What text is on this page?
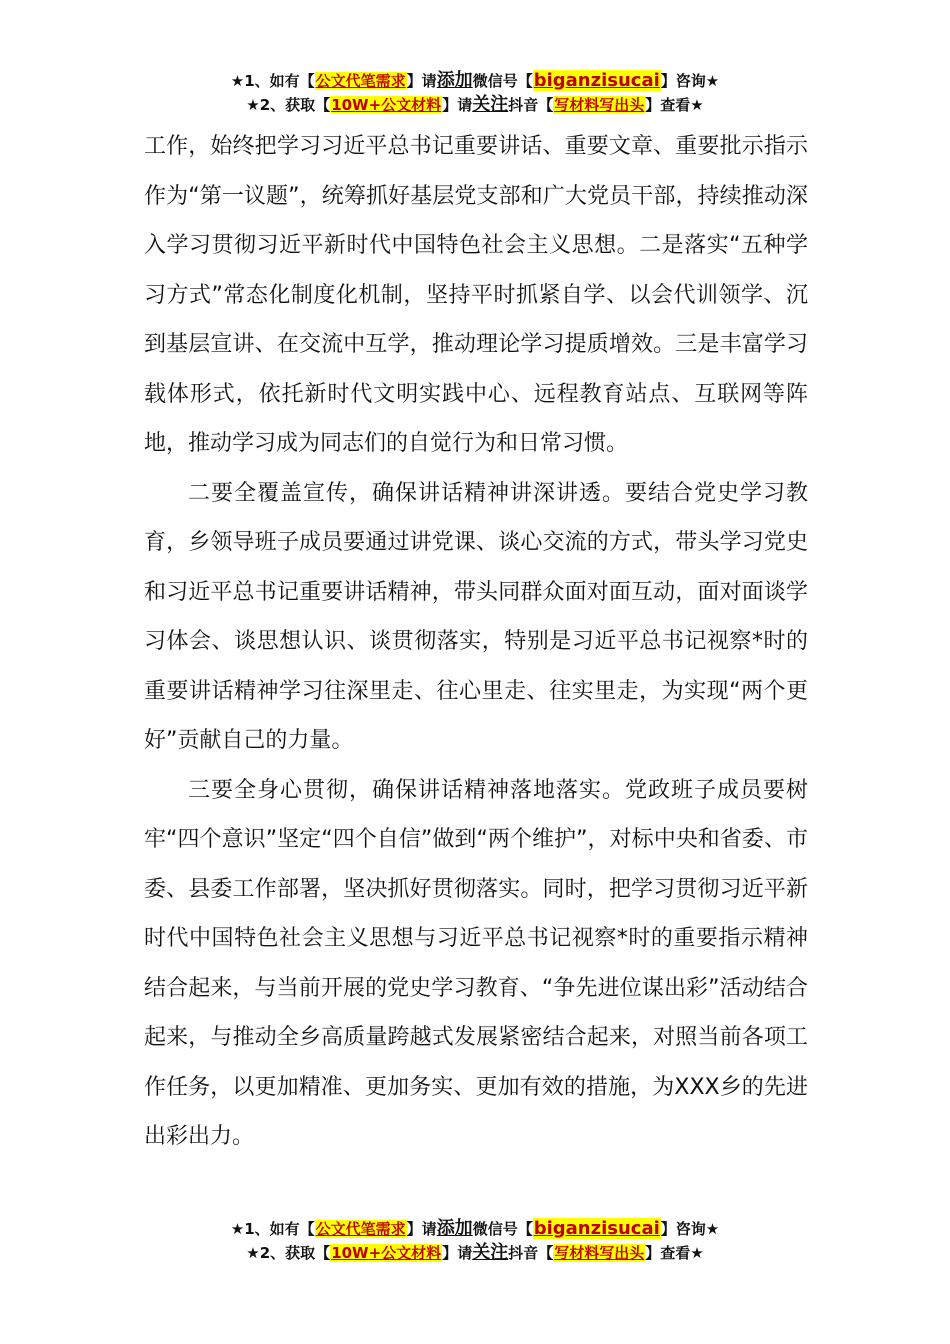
★1、如有【公文代笔需求】请添加微信号【biganzisucai】咨询★
★2、获取【10W+公文材料】请关注抖音【写材料写出头】查看★

工作，始终把学习习近平总书记重要讲话、重要文章、重要批示指示作为“第一议题”，统筹抓好基层党支部和广大党员干部，持续推动深入学习贯彻习近平新时代中国特色社会主义思想。二是落实“五种学习方式”常态化制度化机制，坚持平时抓紧自学、以会代训领学、沉到基层宣讲、在交流中互学，推动理论学习提质增效。三是丰富学习载体形式，依托新时代文明实践中心、远程教育站点、互联网等阵地，推动学习成为同志们的自觉行为和日常习惯。

二要全覆盖宣传，确保讲话精神讲深讲透。要结合党史学习教育，乡领导班子成员要通过讲党课、谈心交流的方式，带头学习党史和习近平总书记重要讲话精神，带头同群众面对面互动，面对面谈学习体会、谈思想认识、谈贯彻落实，特别是习近平总书记视察*时的重要讲话精神学习往深里走、往心里走、往实里走，为实现“两个更好”贡献自己的力量。

三要全身心贯彻，确保讲话精神落地落实。党政班子成员要树牢“四个意识”坚定“四个自信”做到“两个维护”，对标中央和省委、市委、县委工作部署，坚决抓好贯彻落实。同时，把学习贯彻习近平新时代中国特色社会主义思想与习近平总书记视察*时的重要指示精神结合起来，与当前开展的党史学习教育、“争先进位谋出彩”活动结合起来，与推动全乡高质量跨越式发展紧密结合起来，对照当前各项工作任务，以更加精准、更加务实、更加有效的措施，为XXX乡的先进出彩出力。

★1、如有【公文代笔需求】请添加微信号【biganzisucai】咨询★
★2、获取【10W+公文材料】请关注抖音【写材料写出头】查看★
